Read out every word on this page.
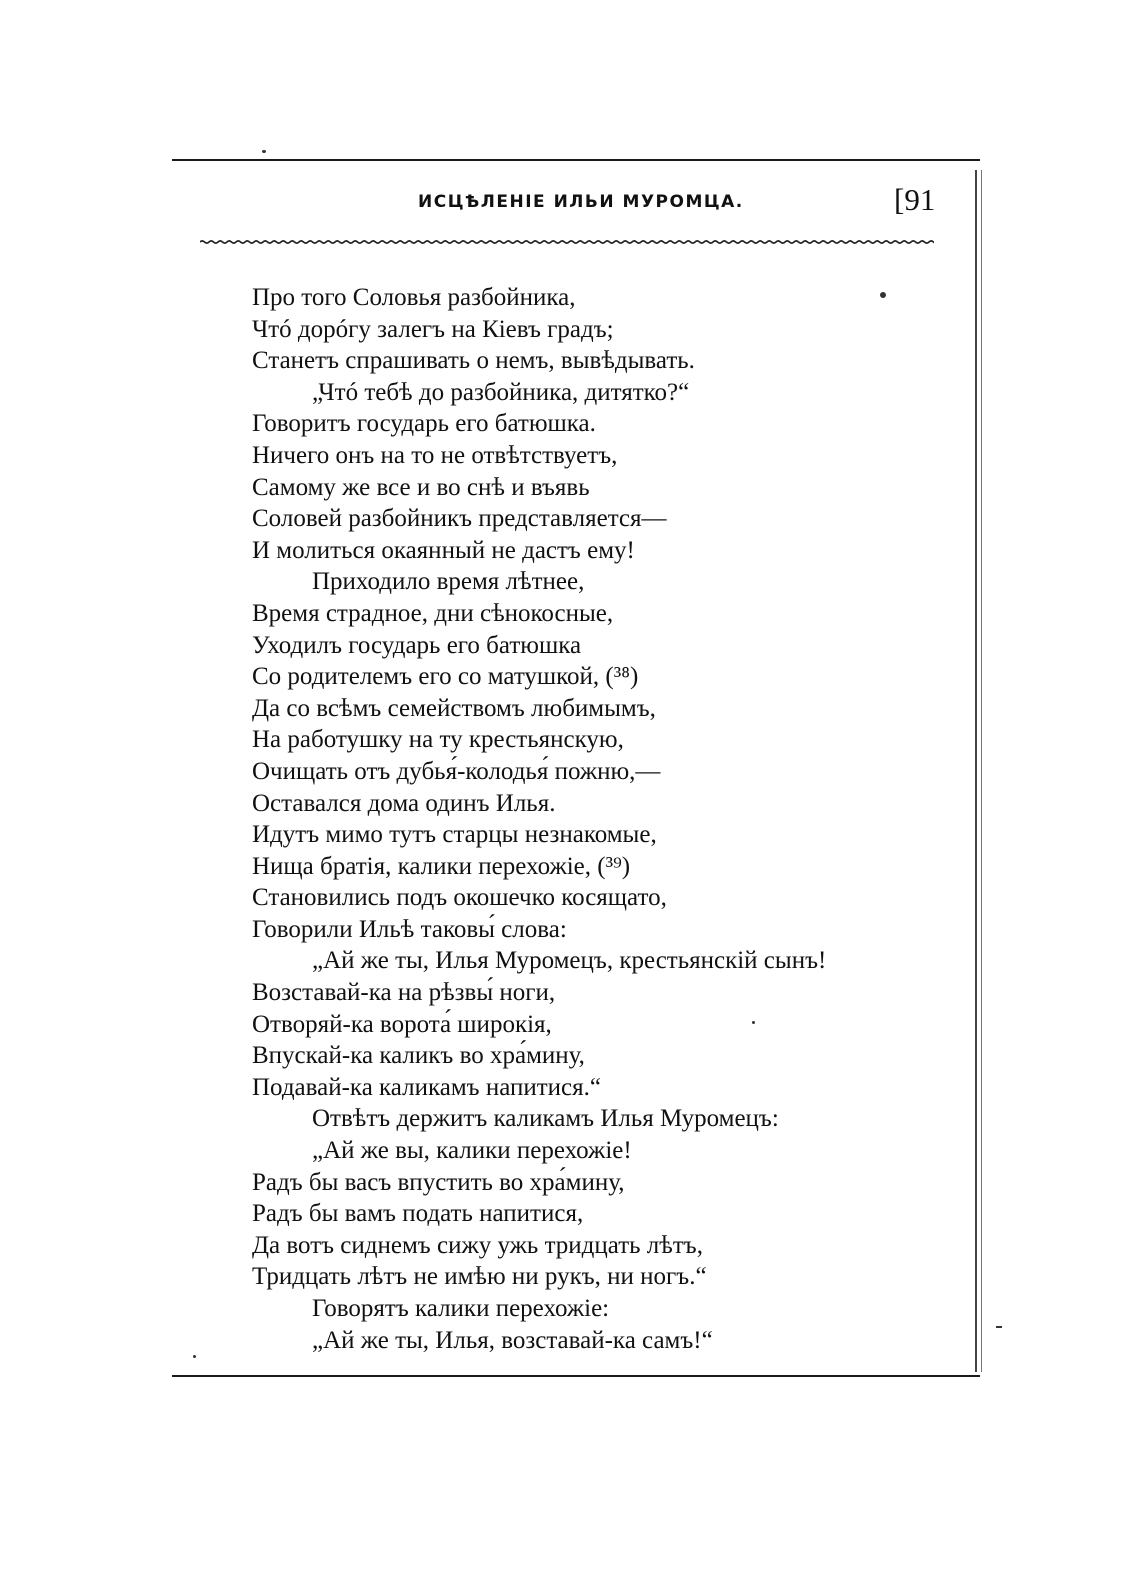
ИСЦѢЛЕНІЕ ИЛЬИ МУРОМЦА.	[91
Про того Соловья разбойника,
Чтó дорóгу залегъ на Кіевъ градъ;
Станетъ спрашивать о немъ, вывѣдывать.
„Чтó тебѣ до разбойника, дитятко?“
Говоритъ государь его батюшка.
Ничего онъ на то не отвѣтствуетъ,
Самому же все и во снѣ и въявь
Соловей разбойникъ представляется—
И молиться окаянный не дастъ ему!
Приходило время лѣтнее,
Время страдное, дни сѣнокосные,
Уходилъ государь его батюшка
Со родителемъ его со матушкой, (³⁸)
Да со всѣмъ семействомъ любимымъ,
На работушку на ту крестьянскую,
Очищать отъ дубья́-колодья́ пожню,—
Оставался дома одинъ Илья.
Идутъ мимо тутъ старцы незнакомые,
Нища братія, калики перехожіе, (³⁹)
Становились подъ окошечко косящато,
Говорили Ильѣ таковы́ слова:
„Ай же ты, Илья Муромецъ, крестьянскій сынъ!
Возставай-ка на рѣзвы́ ноги,
Отворяй-ка ворота́ широкія,
Впускай-ка каликъ во хра́мину,
Подавай-ка каликамъ напитися.“
Отвѣтъ держитъ каликамъ Илья Муромецъ:
„Ай же вы, калики перехожіе!
Радъ бы васъ впустить во хра́мину,
Радъ бы вамъ подать напитися,
Да вотъ сиднемъ сижу ужь тридцать лѣтъ,
Тридцать лѣтъ не имѣю ни рукъ, ни ногъ.“
Говорятъ калики перехожіе:
„Ай же ты, Илья, возставай-ка самъ!“
